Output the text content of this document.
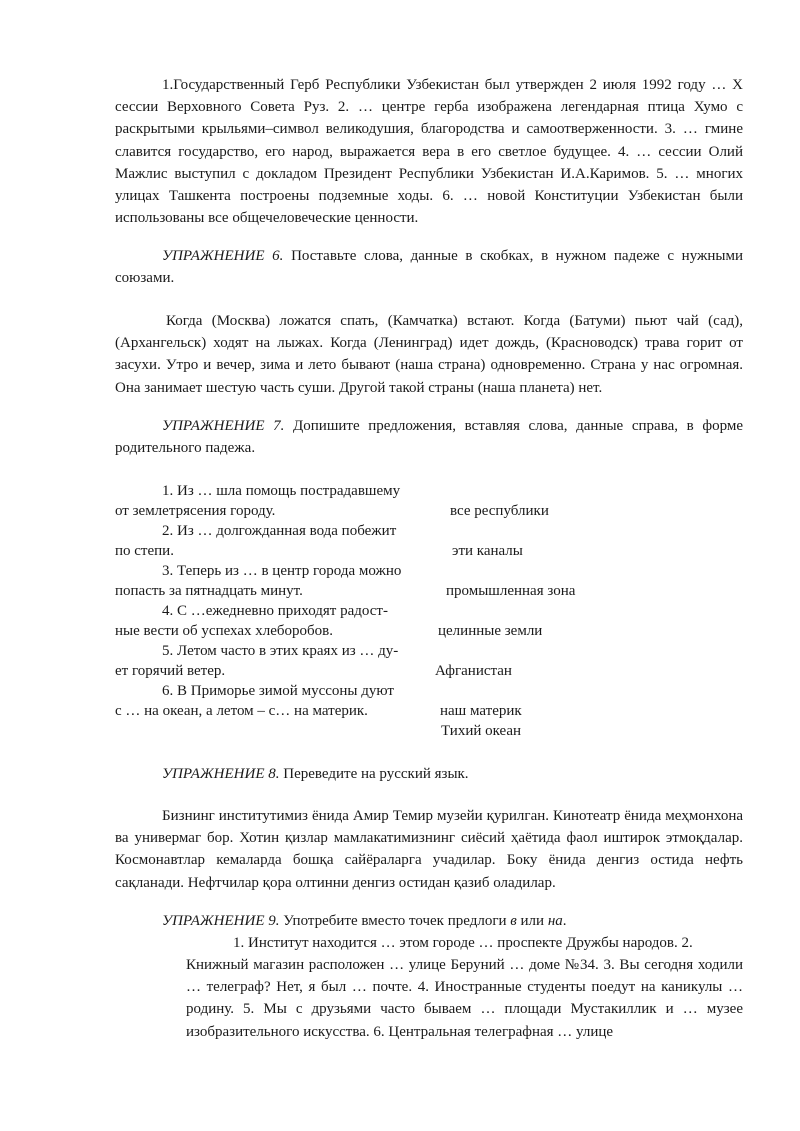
1.Государственный Герб Республики Узбекистан был утвержден 2 июля 1992 году … X сессии Верховного Совета Руз. 2. … центре герба изображена легендарная птица Хумо с раскрытыми крыльями–символ великодушия, благородства и самоотверженности. 3. … гмине славится государство, его народ, выражается вера в его светлое будущее. 4. … сессии Олий Мажлис выступил с докладом Президент Республики Узбекистан И.А.Каримов. 5. … многих улицах Ташкента построены подземные ходы. 6. … новой Конституции Узбекистан были использованы все общечеловеческие ценности.

УПРАЖНЕНИЕ 6. Поставьте слова, данные в скобках, в нужном падеже с нужными союзами.

Когда (Москва) ложатся спать, (Камчатка) встают. Когда (Батуми) пьют чай (сад), (Архангельск) ходят на лыжах. Когда (Ленинград) идет дождь, (Красноводск) трава горит от засухи. Утро и вечер, зима и лето бывают (наша страна) одновременно. Страна у нас огромная. Она занимает шестую часть суши. Другой такой страны (наша планета) нет.

УПРАЖНЕНИЕ 7. Допишите предложения, вставляя слова, данные справа, в форме родительного падежа.

1. Из … шла помощь пострадавшему
от землетрясения городу.	все республики
2. Из … долгожданная вода побежит
по степи.	эти каналы
3. Теперь из … в центр города можно
попасть за пятнадцать минут.	промышленная зона
4. С …ежедневно приходят радост-
ные вести об успехах хлеборобов.	целинные земли
5. Летом часто в этих краях из … ду-
ет горячий ветер.	Афганистан
6. В Приморье зимой муссоны дуют
с … на океан, а летом – с… на материк.	наш материк
Тихий океан

УПРАЖНЕНИЕ 8. Переведите на русский язык.

Бизнинг институтимиз ёнида Амир Темир музейи қурилган. Кинотеатр ёнида меҳмонхона ва универмаг бор. Хотин қизлар мамлакатимизнинг сиёсий ҳаётида фаол иштирок этмоқдалар. Космонавтлар кемаларда бошқа сайёраларга учадилар. Боку ёнида денгиз остида нефть сақланади. Нефтчилар қора олтинни денгиз остидан қазиб оладилар.

УПРАЖНЕНИЕ 9. Употребите вместо точек предлоги в или на.

1. Институт находится … этом городе … проспекте Дружбы народов. 2.

Книжный магазин расположен … улице Беруний … доме №34. 3. Вы сегодня ходили … телеграф? Нет, я был … почте. 4. Иностранные студенты поедут на каникулы … родину. 5. Мы с друзьями часто бываем … площади Мустакиллик и … музее изобразительного искусства. 6. Центральная телеграфная … улице
